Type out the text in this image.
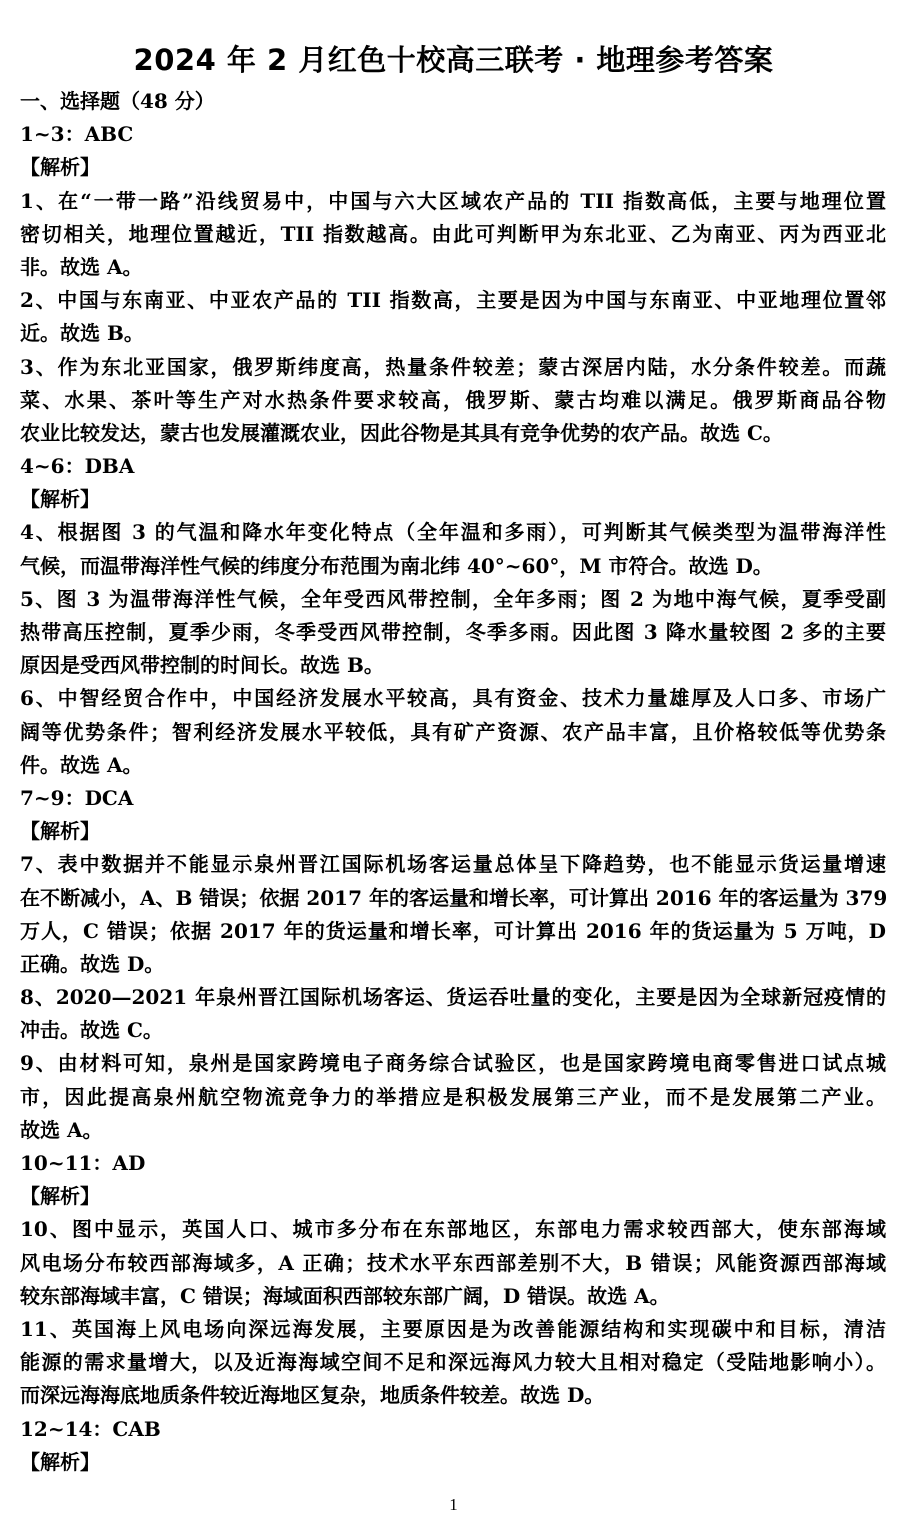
2024 年 2 月红色十校高三联考 · 地理参考答案
一、选择题（48 分）
1~3：ABC
【解析】
1、在“一带一路”沿线贸易中，中国与六大区域农产品的 TII 指数高低，主要与地理位置
密切相关，地理位置越近，TII 指数越高。由此可判断甲为东北亚、乙为南亚、丙为西亚北
非。故选 A。
2、中国与东南亚、中亚农产品的 TII 指数高，主要是因为中国与东南亚、中亚地理位置邻
近。故选 B。
3、作为东北亚国家，俄罗斯纬度高，热量条件较差；蒙古深居内陆，水分条件较差。而蔬
菜、水果、茶叶等生产对水热条件要求较高，俄罗斯、蒙古均难以满足。俄罗斯商品谷物
农业比较发达，蒙古也发展灌溉农业，因此谷物是其具有竞争优势的农产品。故选 C。
4~6：DBA
【解析】
4、根据图 3 的气温和降水年变化特点（全年温和多雨），可判断其气候类型为温带海洋性
气候，而温带海洋性气候的纬度分布范围为南北纬 40°~60°，M 市符合。故选 D。
5、图 3 为温带海洋性气候，全年受西风带控制，全年多雨；图 2 为地中海气候，夏季受副
热带高压控制，夏季少雨，冬季受西风带控制，冬季多雨。因此图 3 降水量较图 2 多的主要
原因是受西风带控制的时间长。故选 B。
6、中智经贸合作中，中国经济发展水平较高，具有资金、技术力量雄厚及人口多、市场广
阔等优势条件；智利经济发展水平较低，具有矿产资源、农产品丰富，且价格较低等优势条
件。故选 A。
7~9：DCA
【解析】
7、表中数据并不能显示泉州晋江国际机场客运量总体呈下降趋势，也不能显示货运量增速
在不断减小，A、B 错误；依据 2017 年的客运量和增长率，可计算出 2016 年的客运量为 379
万人，C 错误；依据 2017 年的货运量和增长率，可计算出 2016 年的货运量为 5 万吨，D
正确。故选 D。
8、2020—2021 年泉州晋江国际机场客运、货运吞吐量的变化，主要是因为全球新冠疫情的
冲击。故选 C。
9、由材料可知，泉州是国家跨境电子商务综合试验区，也是国家跨境电商零售进口试点城
市，因此提高泉州航空物流竞争力的举措应是积极发展第三产业，而不是发展第二产业。
故选 A。
10~11：AD
【解析】
10、图中显示，英国人口、城市多分布在东部地区，东部电力需求较西部大，使东部海域
风电场分布较西部海域多，A 正确；技术水平东西部差别不大，B 错误；风能资源西部海域
较东部海域丰富，C 错误；海域面积西部较东部广阔，D 错误。故选 A。
11、英国海上风电场向深远海发展，主要原因是为改善能源结构和实现碳中和目标，清洁
能源的需求量增大，以及近海海域空间不足和深远海风力较大且相对稳定（受陆地影响小）。
而深远海海底地质条件较近海地区复杂，地质条件较差。故选 D。
12~14：CAB
【解析】
1
